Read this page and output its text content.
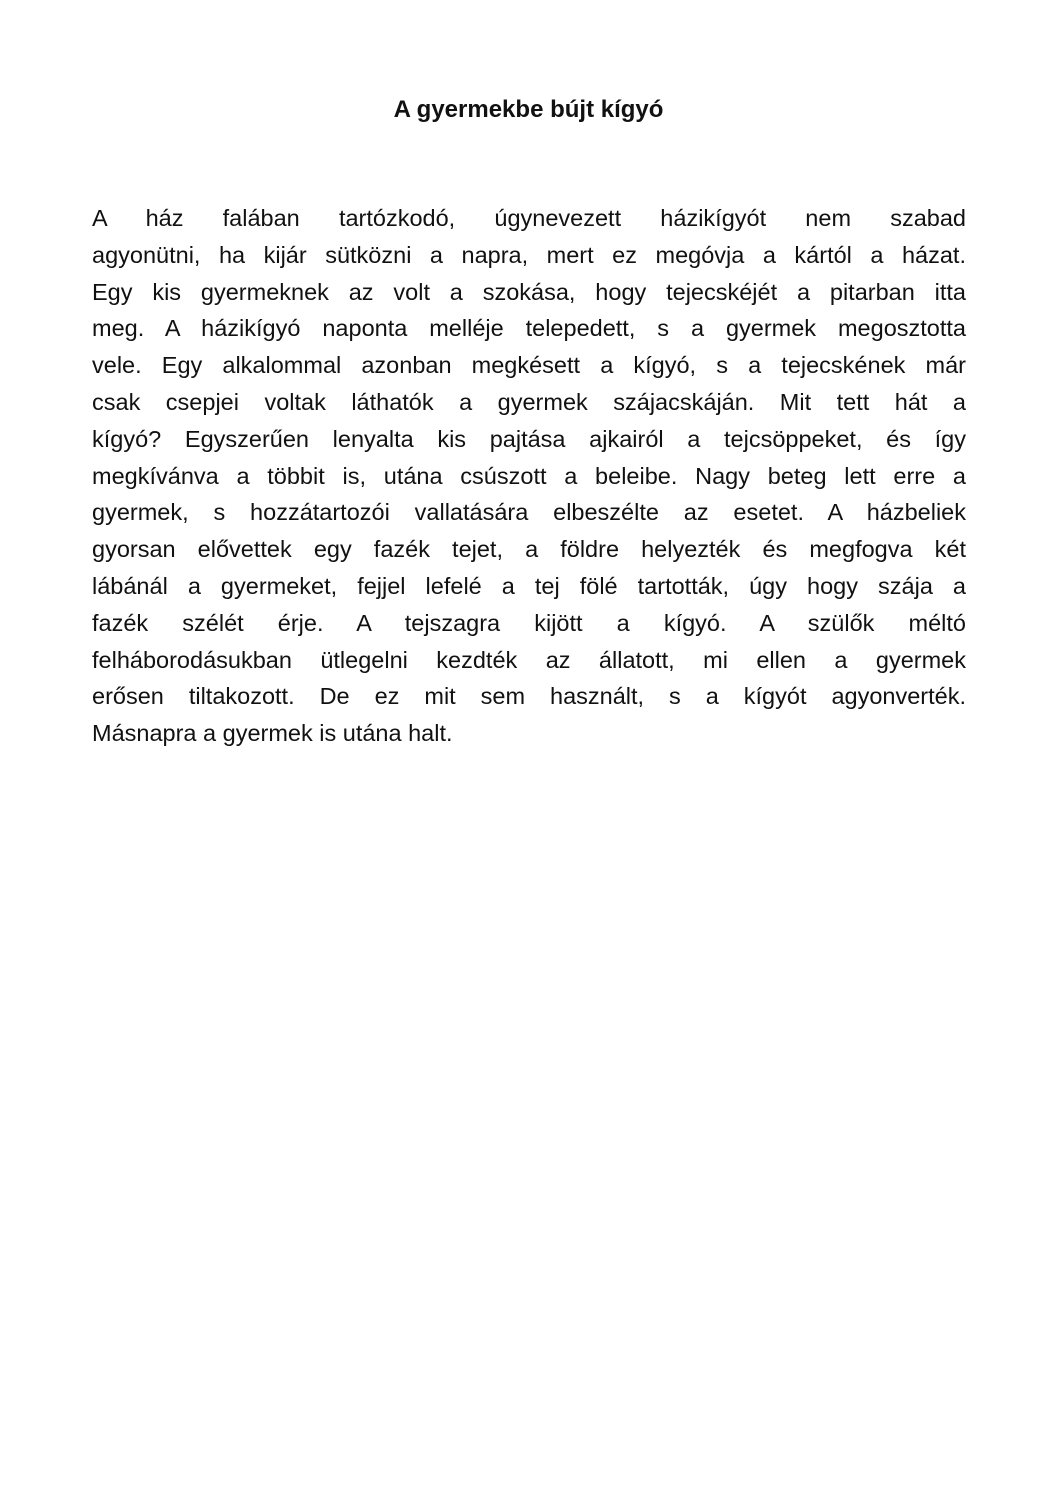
A gyermekbe bújt kígyó
A ház falában tartózkodó, úgynevezett házikígyót nem szabad
agyonütni, ha kijár sütközni a napra, mert ez megóvja a kártól a házat.
Egy kis gyermeknek az volt a szokása, hogy tejecskéjét a pitarban itta
meg. A házikígyó naponta melléje telepedett, s a gyermek megosztotta
vele. Egy alkalommal azonban megkésett a kígyó, s a tejecskének már
csak csepjei voltak láthatók a gyermek szájacskáján. Mit tett hát a
kígyó? Egyszerűen lenyalta kis pajtása ajkairól a tejcsöppeket, és így
megkívánva a többit is, utána csúszott a beleibe. Nagy beteg lett erre a
gyermek, s hozzátartozói vallatására elbeszélte az esetet. A házbeliek
gyorsan elővettek egy fazék tejet, a földre helyezték és megfogva két
lábánál a gyermeket, fejjel lefelé a tej fölé tartották, úgy hogy szája a
fazék szélét érje. A tejszagra kijött a kígyó. A szülők méltó
felháborodásukban ütlegelni kezdték az állatott, mi ellen a gyermek
erősen tiltakozott. De ez mit sem használt, s a kígyót agyonverték.
Másnapra a gyermek is utána halt.
